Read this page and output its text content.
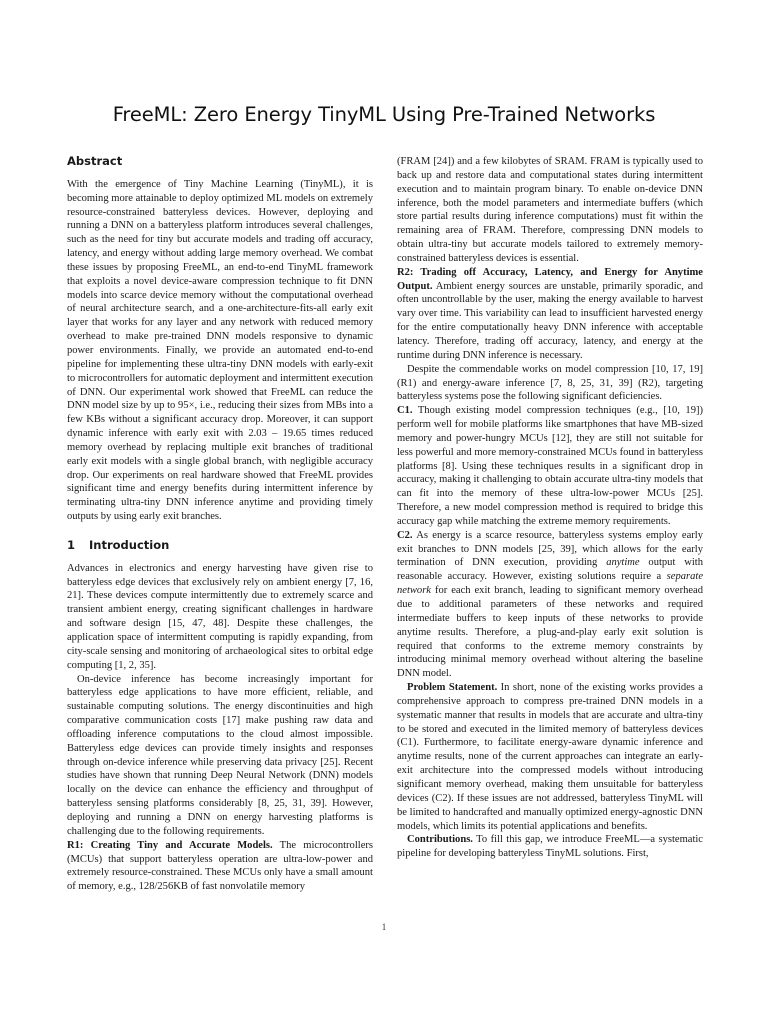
FreeML: Zero Energy TinyML Using Pre-Trained Networks
Abstract

With the emergence of Tiny Machine Learning (TinyML), it is becoming more attainable to deploy optimized ML models on extremely resource-constrained batteryless devices. However, deploying and running a DNN on a batteryless platform introduces several challenges, such as the need for tiny but accurate models and trading off accuracy, latency, and energy without adding large memory overhead. We combat these issues by proposing FreeML, an end-to-end TinyML framework that exploits a novel device-aware compression technique to fit DNN models into scarce device memory without the computational overhead of neural architecture search, and a one-architecture-fits-all early exit layer that works for any layer and any network with reduced memory overhead to make pre-trained DNN models responsive to dynamic power environments. Finally, we provide an automated end-to-end pipeline for implementing these ultra-tiny DNN models with early-exit to microcontrollers for automatic deployment and intermittent execution of DNN. Our experimental work showed that FreeML can reduce the DNN model size by up to 95×, i.e., reducing their sizes from MBs into a few KBs without a significant accuracy drop. Moreover, it can support dynamic inference with early exit with 2.03 – 19.65 times reduced memory overhead by replacing multiple exit branches of traditional early exit models with a single global branch, with negligible accuracy drop. Our experiments on real hardware showed that FreeML provides significant time and energy benefits during intermittent inference by terminating ultra-tiny DNN inference anytime and providing timely outputs by using early exit branches.

1 Introduction

Advances in electronics and energy harvesting have given rise to batteryless edge devices that exclusively rely on ambient energy [7, 16, 21]. These devices compute intermittently due to extremely scarce and transient ambient energy, creating significant challenges in hardware and software design [15, 47, 48]. Despite these challenges, the application space of intermittent computing is rapidly expanding, from city-scale sensing and monitoring of archaeological sites to orbital edge computing [1, 2, 35].

On-device inference has become increasingly important for batteryless edge applications to have more efficient, reliable, and sustainable computing solutions. The energy discontinuities and high comparative communication costs [17] make pushing raw data and offloading inference computations to the cloud almost impossible. Batteryless edge devices can provide timely insights and responses through on-device inference while preserving data privacy [25]. Recent studies have shown that running Deep Neural Network (DNN) models locally on the device can enhance the efficiency and throughput of batteryless sensing platforms considerably [8, 25, 31, 39]. However, deploying and running a DNN on energy harvesting platforms is challenging due to the following requirements.

R1: Creating Tiny and Accurate Models. The microcontrollers (MCUs) that support batteryless operation are ultra-low-power and extremely resource-constrained. These MCUs only have a small amount of memory, e.g., 128/256KB of fast nonvolatile memory

(FRAM [24]) and a few kilobytes of SRAM. FRAM is typically used to back up and restore data and computational states during intermittent execution and to maintain program binary. To enable on-device DNN inference, both the model parameters and intermediate buffers (which store partial results during inference computations) must fit within the remaining area of FRAM. Therefore, compressing DNN models to obtain ultra-tiny but accurate models tailored to extremely memory-constrained batteryless devices is essential.

R2: Trading off Accuracy, Latency, and Energy for Anytime Output. Ambient energy sources are unstable, primarily sporadic, and often uncontrollable by the user, making the energy available to harvest vary over time. This variability can lead to insufficient harvested energy for the entire computationally heavy DNN inference with acceptable latency. Therefore, trading off accuracy, latency, and energy at the runtime during DNN inference is necessary.

Despite the commendable works on model compression [10, 17, 19] (R1) and energy-aware inference [7, 8, 25, 31, 39] (R2), targeting batteryless systems pose the following significant deficiencies.

C1. Though existing model compression techniques (e.g., [10, 19]) perform well for mobile platforms like smartphones that have MB-sized memory and power-hungry MCUs [12], they are still not suitable for less powerful and more memory-constrained MCUs found in batteryless platforms [8]. Using these techniques results in a significant drop in accuracy, making it challenging to obtain accurate ultra-tiny models that can fit into the memory of these ultra-low-power MCUs [25]. Therefore, a new model compression method is required to bridge this accuracy gap while matching the extreme memory requirements.

C2. As energy is a scarce resource, batteryless systems employ early exit branches to DNN models [25, 39], which allows for the early termination of DNN execution, providing anytime output with reasonable accuracy. However, existing solutions require a separate network for each exit branch, leading to significant memory overhead due to additional parameters of these networks and required intermediate buffers to keep inputs of these networks to provide anytime results. Therefore, a plug-and-play early exit solution is required that conforms to the extreme memory constraints by introducing minimal memory overhead without altering the baseline DNN model.

Problem Statement. In short, none of the existing works provides a comprehensive approach to compress pre-trained DNN models in a systematic manner that results in models that are accurate and ultra-tiny to be stored and executed in the limited memory of batteryless devices (C1). Furthermore, to facilitate energy-aware dynamic inference and anytime results, none of the current approaches can integrate an early-exit architecture into the compressed models without introducing significant memory overhead, making them unsuitable for batteryless devices (C2). If these issues are not addressed, batteryless TinyML will be limited to handcrafted and manually optimized energy-agnostic DNN models, which limits its potential applications and benefits.

Contributions. To fill this gap, we introduce FreeML—a systematic pipeline for developing batteryless TinyML solutions. First,

1
